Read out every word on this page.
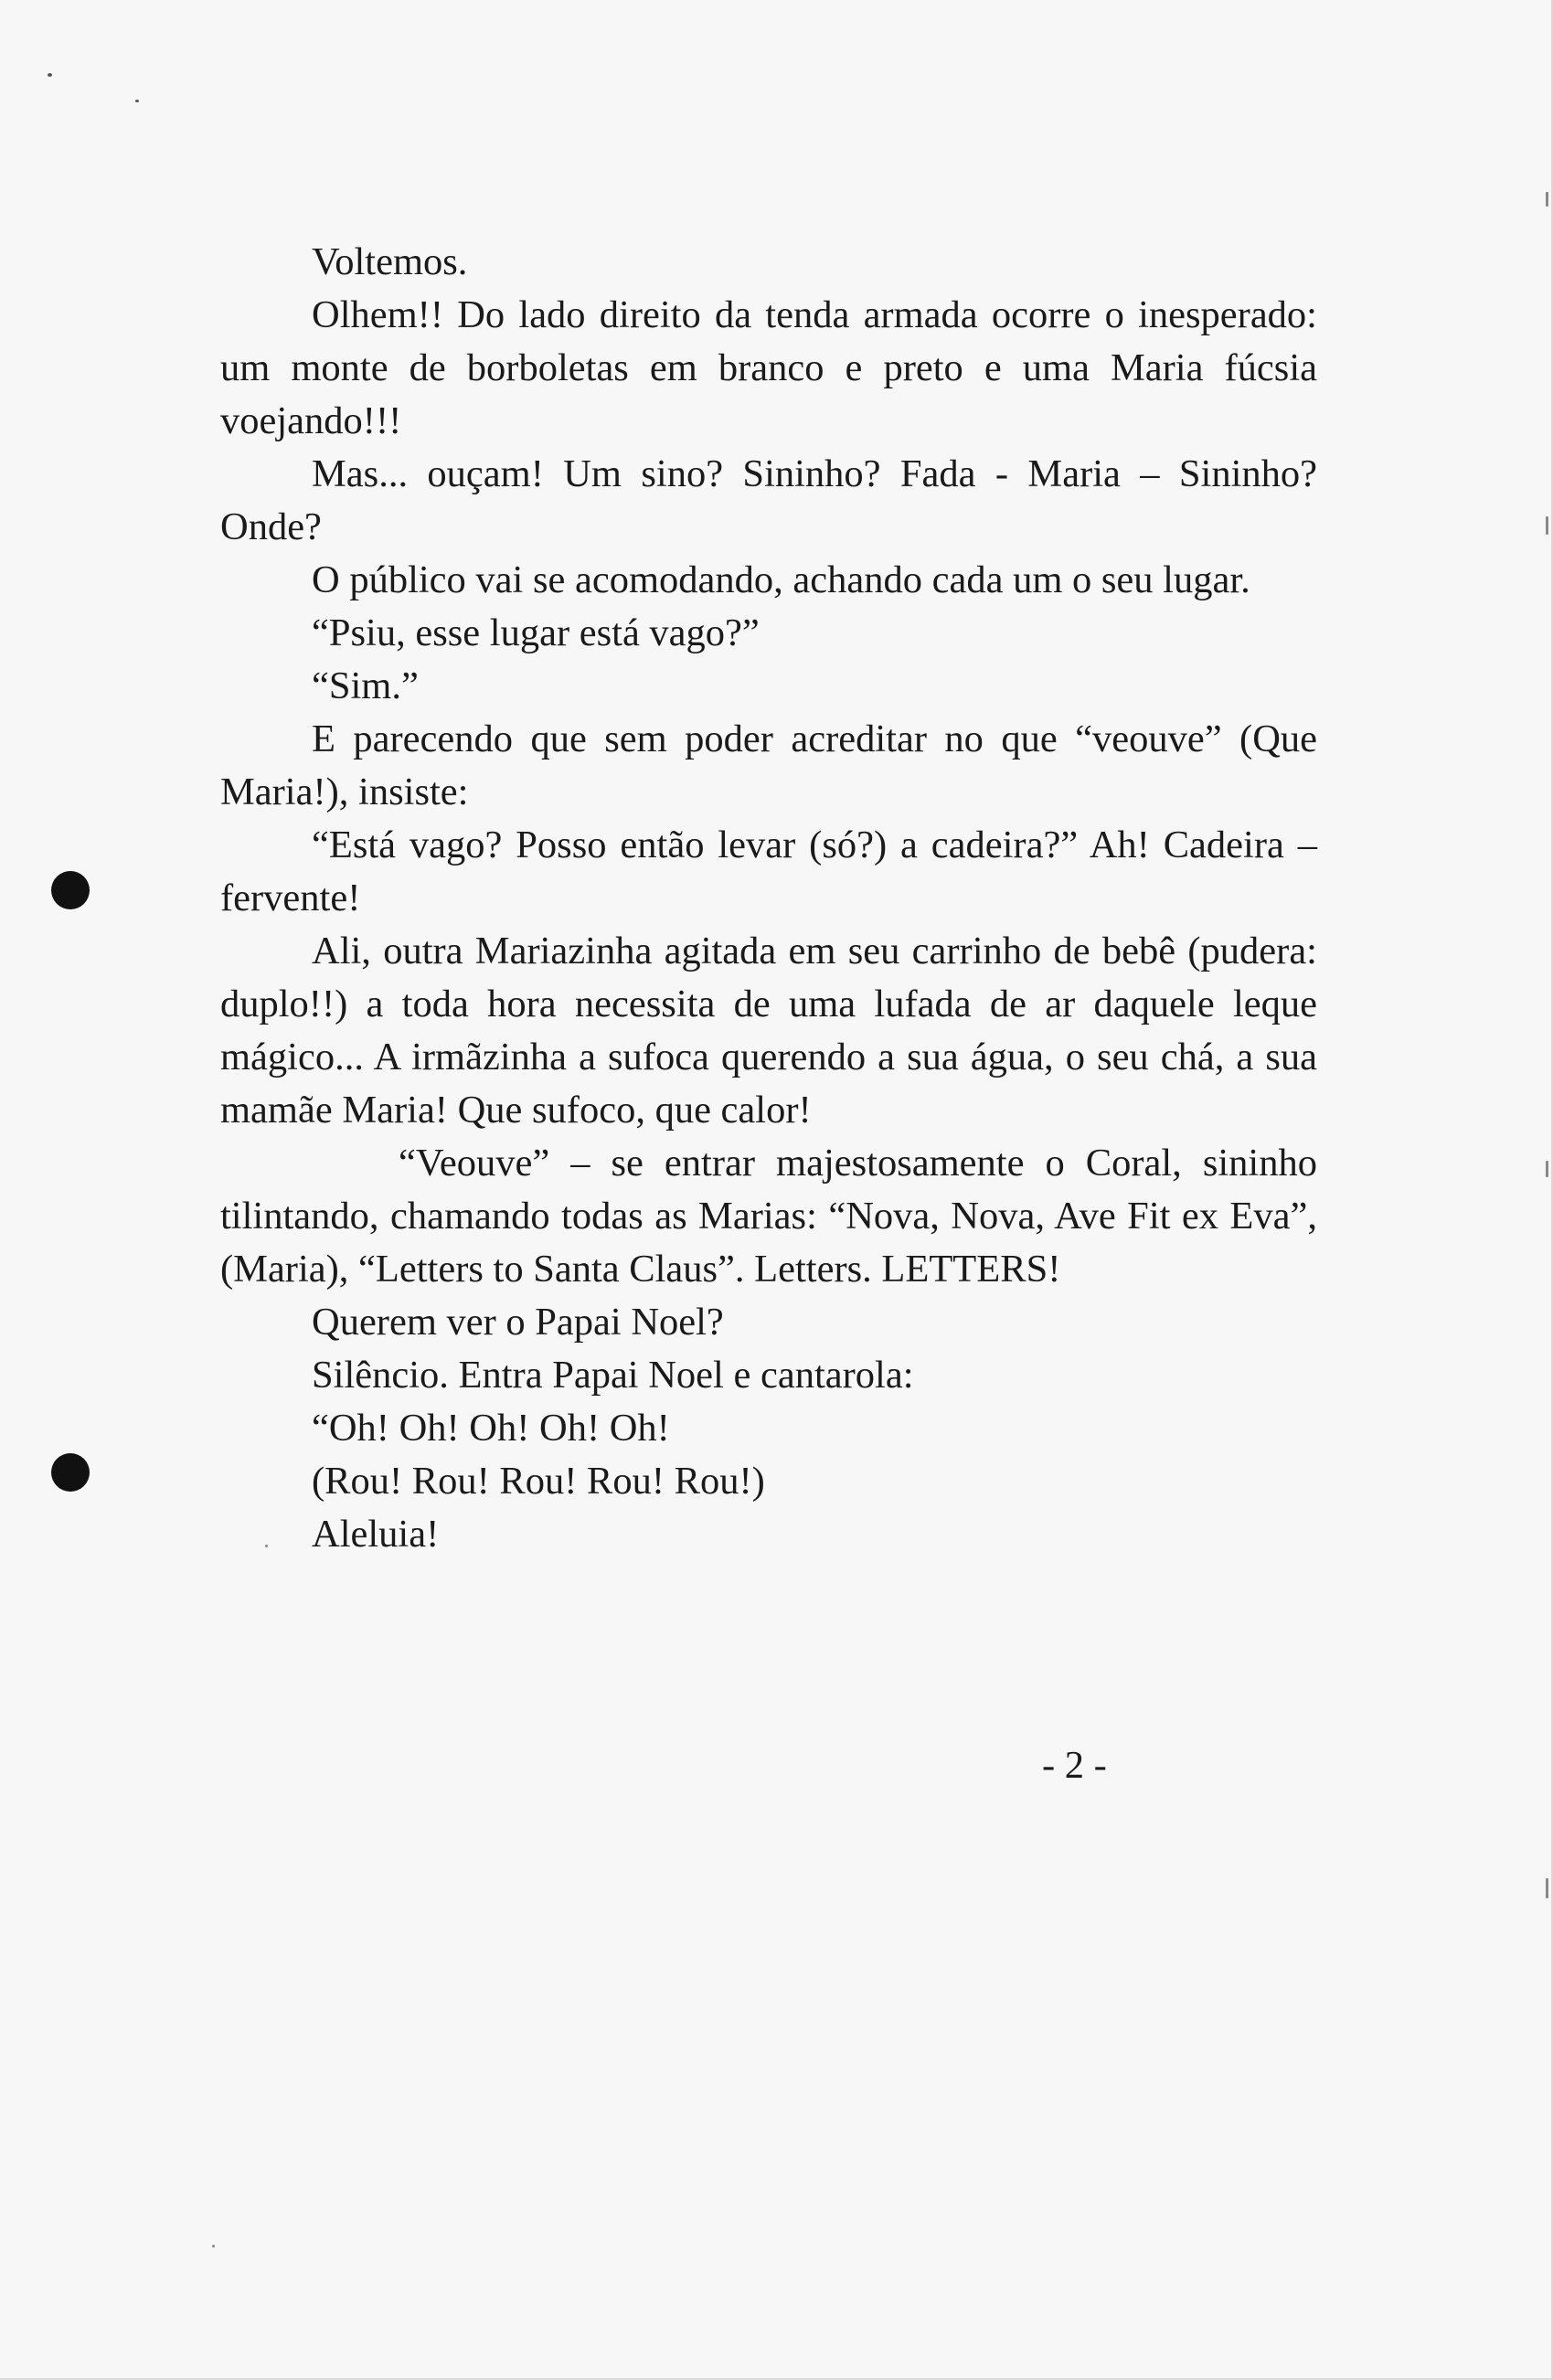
Voltemos.

Olhem!! Do lado direito da tenda armada ocorre o inesperado: um monte de borboletas em branco e preto e uma Maria fúcsia voejando!!!

Mas... ouçam! Um sino? Sininho? Fada - Maria – Sininho? Onde?

O público vai se acomodando, achando cada um o seu lugar.

“Psiu, esse lugar está vago?”

“Sim.”

E parecendo que sem poder acreditar no que “veouve” (Que Maria!), insiste:

“Está vago? Posso então levar (só?) a cadeira?” Ah! Cadeira – fervente!

Ali, outra Mariazinha agitada em seu carrinho de bebê (pudera: duplo!!) a toda hora necessita de uma lufada de ar daquele leque mágico... A irmãzinha a sufoca querendo a sua água, o seu chá, a sua mamãe Maria! Que sufoco, que calor!

“Veouve” – se entrar majestosamente o Coral, sininho tilintando, chamando todas as Marias: “Nova, Nova, Ave Fit ex Eva”, (Maria), “Letters to Santa Claus”. Letters. LETTERS!

Querem ver o Papai Noel?

Silêncio. Entra Papai Noel e cantarola:

“Oh! Oh! Oh! Oh! Oh!

(Rou! Rou! Rou! Rou! Rou!)

Aleluia!

- 2 -
